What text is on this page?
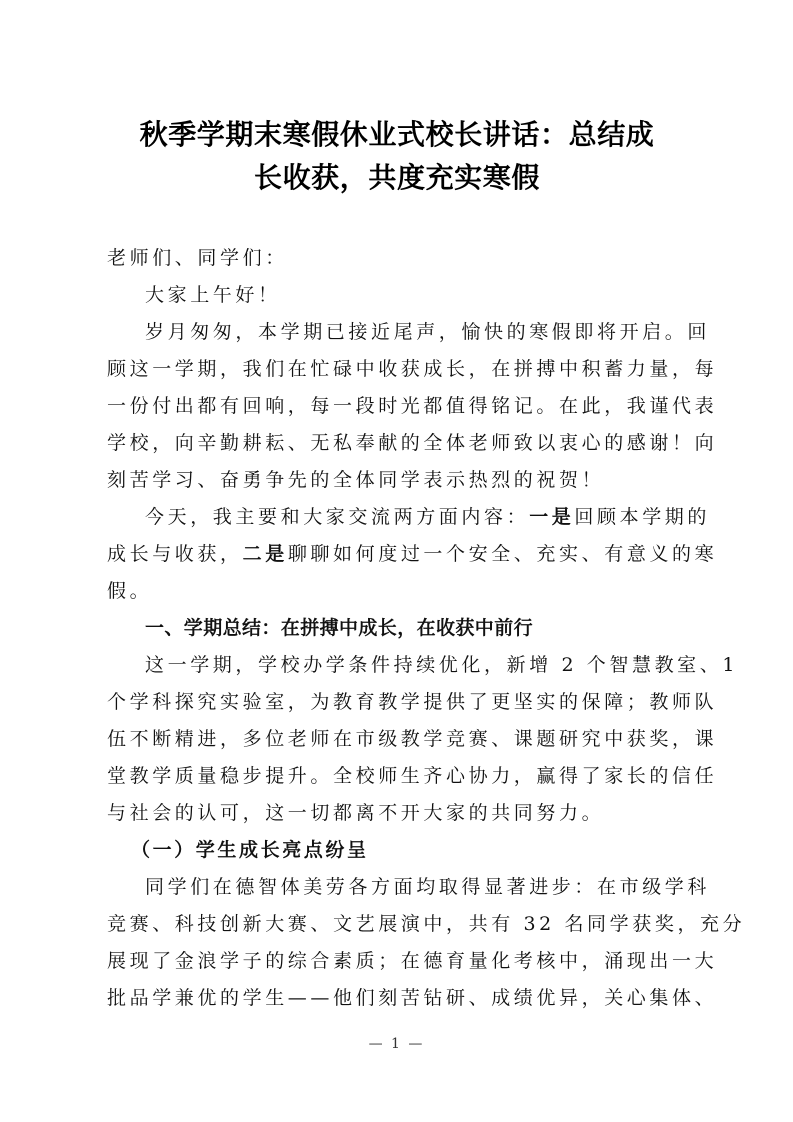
秋季学期末寒假休业式校长讲话：总结成
长收获，共度充实寒假
老师们、同学们：
大家上午好！
岁月匆匆，本学期已接近尾声，愉快的寒假即将开启。回
顾这一学期，我们在忙碌中收获成长，在拼搏中积蓄力量，每
一份付出都有回响，每一段时光都值得铭记。在此，我谨代表
学校，向辛勤耕耘、无私奉献的全体老师致以衷心的感谢！向
刻苦学习、奋勇争先的全体同学表示热烈的祝贺！
今天，我主要和大家交流两方面内容：一是回顾本学期的
成长与收获，二是聊聊如何度过一个安全、充实、有意义的寒
假。
一、学期总结：在拼搏中成长，在收获中前行
这一学期，学校办学条件持续优化，新增 2 个智慧教室、1
个学科探究实验室，为教育教学提供了更坚实的保障；教师队
伍不断精进，多位老师在市级教学竞赛、课题研究中获奖，课
堂教学质量稳步提升。全校师生齐心协力，赢得了家长的信任
与社会的认可，这一切都离不开大家的共同努力。
（一）学生成长亮点纷呈
同学们在德智体美劳各方面均取得显著进步：在市级学科
竞赛、科技创新大赛、文艺展演中，共有 32 名同学获奖，充分
展现了金浪学子的综合素质；在德育量化考核中，涌现出一大
批品学兼优的学生——他们刻苦钻研、成绩优异，关心集体、
— 1 —
